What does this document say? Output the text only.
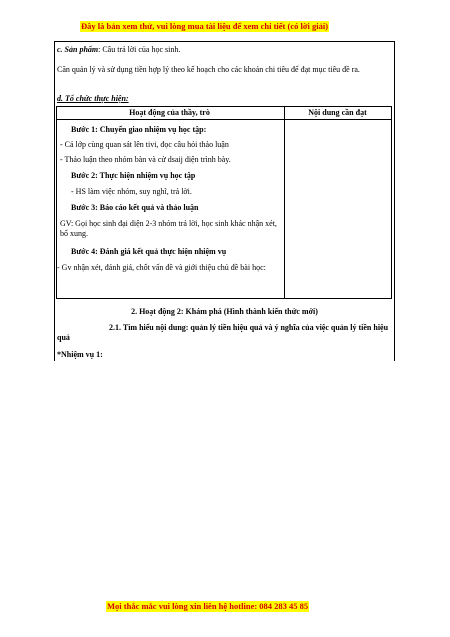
Đây là bản xem thử, vui lòng mua tài liệu để xem chi tiết (có lời giải)
c. Sản phẩm: Câu trả lời của học sinh.
Căn quản lý và sử dụng tiền hợp lý theo kế hoạch cho các khoản chi tiêu để đạt mục tiêu đề ra.
d. Tổ chức thực hiện:
Hoạt động của thầy, trò	Nội dung cần đạt
Bước 1: Chuyển giao nhiệm vụ học tập:
- Cả lớp cùng quan sát lên tivi, đọc câu hỏi thảo luận
- Thảo luận theo nhóm bàn và cử dsaij diện trình bày.
Bước 2: Thực hiện nhiệm vụ học tập
- HS làm việc nhóm, suy nghĩ, trả lời.
Bước 3: Báo cáo kết quả và thảo luận
GV: Gọi học sinh đại diện 2-3 nhóm trả lời, học sinh khác nhận xét, bổ xung.
Bước 4: Đánh giá kết quả thực hiện nhiệm vụ
- Gv nhận xét, đánh giá, chốt vấn đề và giới thiệu chủ đề bài học:
2. Hoạt động 2: Khám phá (Hình thành kiến thức mới)
2.1. Tìm hiểu nội dung: quản lý tiền hiệu quả và ý nghĩa của việc quản lý tiền hiệu quả
*Nhiệm vụ 1:
Mọi thắc mắc vui lòng xin liên hệ hotline: 084 283 45 85
